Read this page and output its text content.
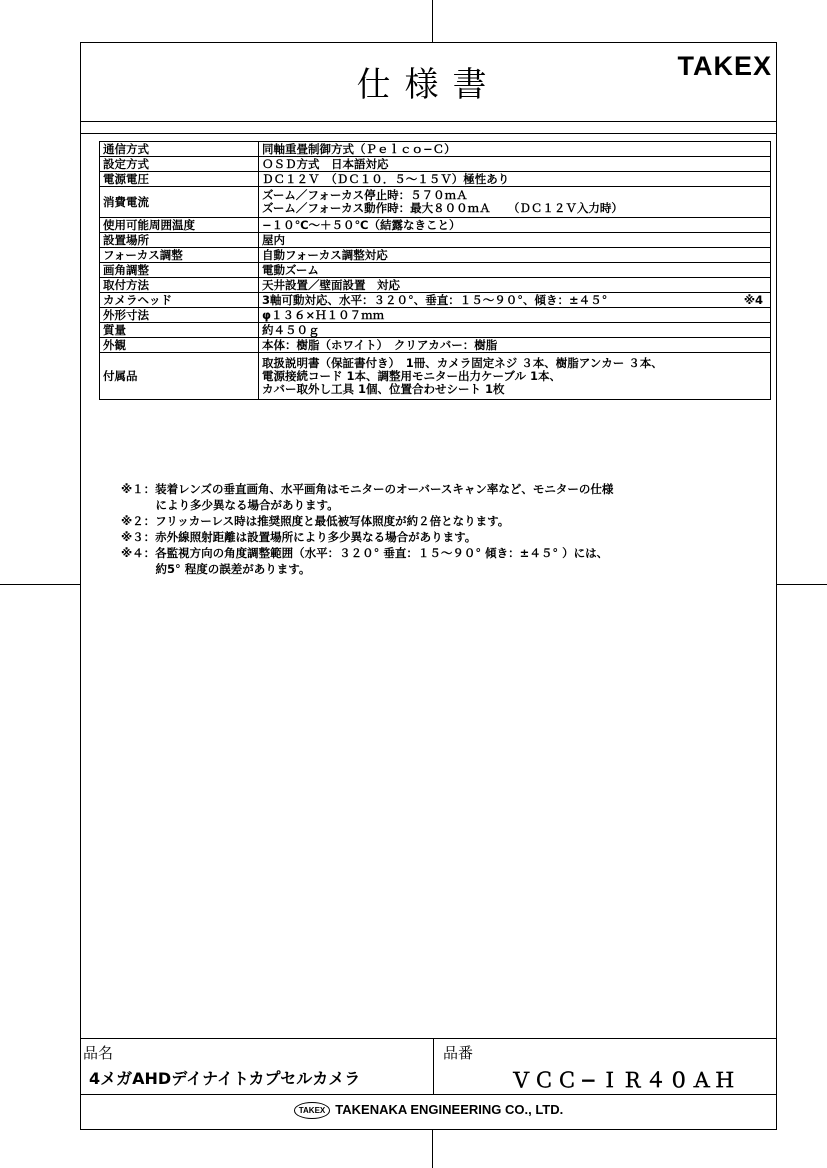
仕様書	TAKEX
通信方式	同軸重畳制御方式（Ｐｅｌｃｏ−Ｃ）
設定方式	ＯＳＤ方式　日本語対応
電源電圧	ＤＣ１２Ｖ　（ＤＣ１０．５〜１５Ｖ）極性あり
消費電流	ズーム／フォーカス停止時：５７０ｍＡ
ズーム／フォーカス動作時：最大８００ｍＡ　　（ＤＣ１２Ｖ入力時）

使用可能周囲温度	−１０℃〜＋５０℃（結露なきこと）
設置場所	屋内
フォーカス調整	自動フォーカス調整対応
画角調整	電動ズーム
取付方法	天井設置／壁面設置　対応
カメラヘッド	3軸可動対応、水平：３２０°、垂直：１５〜９０°、傾き：±４５° ※4

外形寸法	φ１３６×Ｈ１０７ｍｍ
質量	約４５０ｇ
外観	本体：樹脂（ホワイト）　クリアカバー：樹脂
付属品	取扱説明書（保証書付き）　1冊、カメラ固定ネジ ３本、樹脂アンカー ３本、
電源接続コード 1本、調整用モニター出力ケーブル 1本、
カバー取外し工具 1個、位置合わせシート 1枚
※１：装着レンズの垂直画角、水平画角はモニターのオーバースキャン率など、モニターの仕様
　　　により多少異なる場合があります。
※２：フリッカーレス時は推奨照度と最低被写体照度が約２倍となります。
※３：赤外線照射距離は設置場所により多少異なる場合があります。
※４：各監視方向の角度調整範囲（水平：３２０° 垂直：１５〜９０° 傾き：±４５° ）には、
　　　約5° 程度の誤差があります。
品名
4メガAHDデイナイトカプセルカメラ
品番
ＶＣＣ−ＩＲ４０ＡＨ
TAKEX TAKENAKA ENGINEERING CO., LTD.
